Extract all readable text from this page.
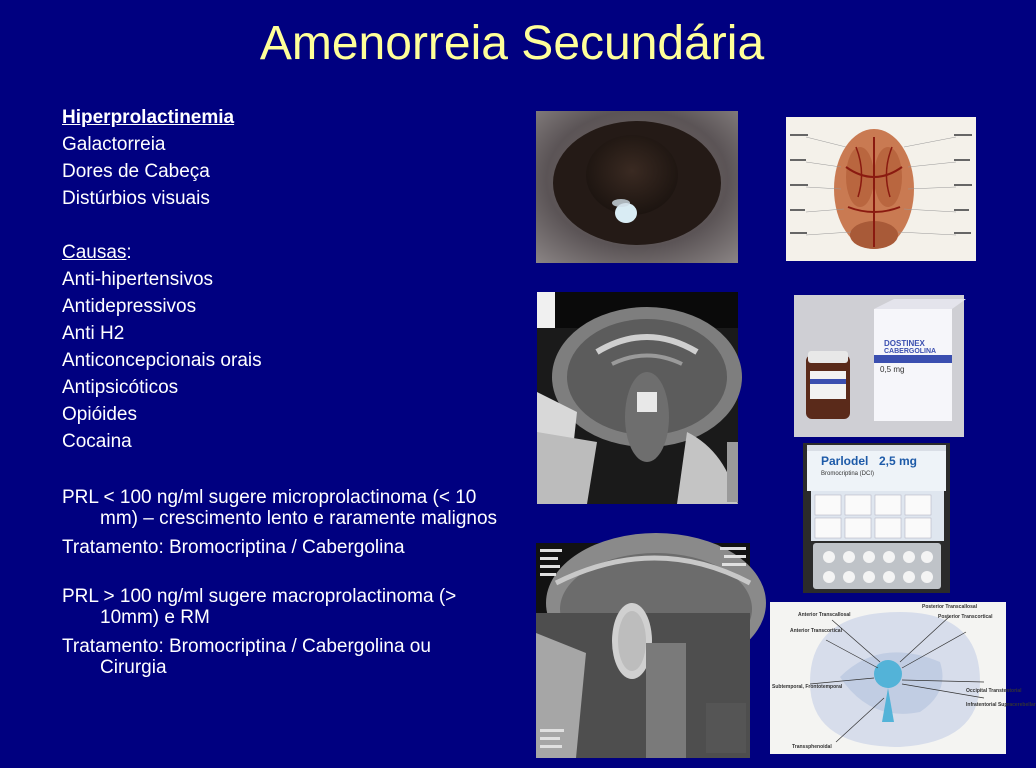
Amenorreia Secundária

Hiperprolactinemia

Galactorreia

Dores de Cabeça

Distúrbios visuais

Causas:

Anti-hipertensivos

Antidepressivos

Anti H2

Anticoncepcionais orais

Antipsicóticos

Opióides

Cocaina

PRL < 100 ng/ml sugere microprolactinoma (< 10 mm) – crescimento lento e raramente malignos

Tratamento: Bromocriptina / Cabergolina

PRL > 100 ng/ml sugere macroprolactinoma (> 10mm) e RM

Tratamento: Bromocriptina / Cabergolina ou Cirurgia

DOSTINEX
CABERGOLINA
0,5 mg
Parlodel 2,5 mg
Bromocriptina (DCI)
Posterior Transcallosal
Anterior Transcallosal
Anterior Transcortical
Posterior Transcortical
Subtemporal, Frontotemporal
Occipital Transtentorial
Infratentorial Supracerebellar
Transsphenoidal
